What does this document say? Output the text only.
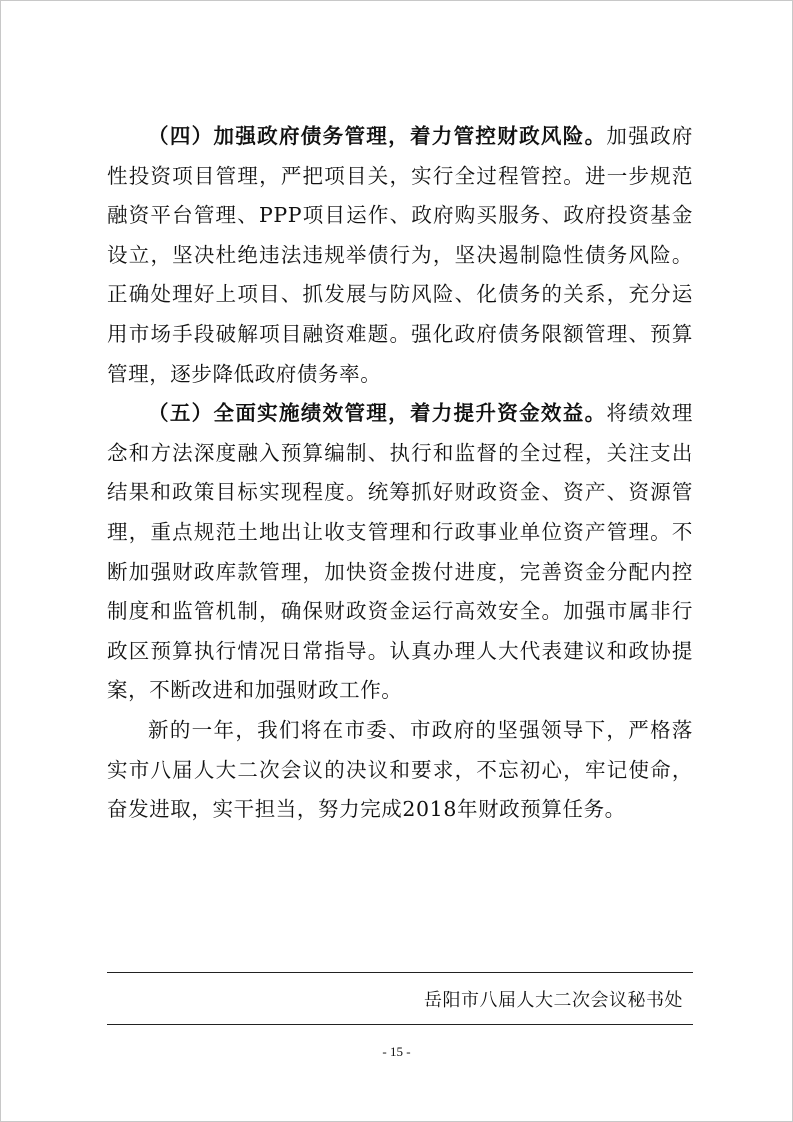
（四）加强政府债务管理，着力管控财政风险。加强政府性投资项目管理，严把项目关，实行全过程管控。进一步规范融资平台管理、PPP项目运作、政府购买服务、政府投资基金设立，坚决杜绝违法违规举债行为，坚决遏制隐性债务风险。正确处理好上项目、抓发展与防风险、化债务的关系，充分运用市场手段破解项目融资难题。强化政府债务限额管理、预算管理，逐步降低政府债务率。

（五）全面实施绩效管理，着力提升资金效益。将绩效理念和方法深度融入预算编制、执行和监督的全过程，关注支出结果和政策目标实现程度。统筹抓好财政资金、资产、资源管理，重点规范土地出让收支管理和行政事业单位资产管理。不断加强财政库款管理，加快资金拨付进度，完善资金分配内控制度和监管机制，确保财政资金运行高效安全。加强市属非行政区预算执行情况日常指导。认真办理人大代表建议和政协提案，不断改进和加强财政工作。

新的一年，我们将在市委、市政府的坚强领导下，严格落实市八届人大二次会议的决议和要求，不忘初心，牢记使命，奋发进取，实干担当，努力完成2018年财政预算任务。

岳阳市八届人大二次会议秘书处
- 15 -
